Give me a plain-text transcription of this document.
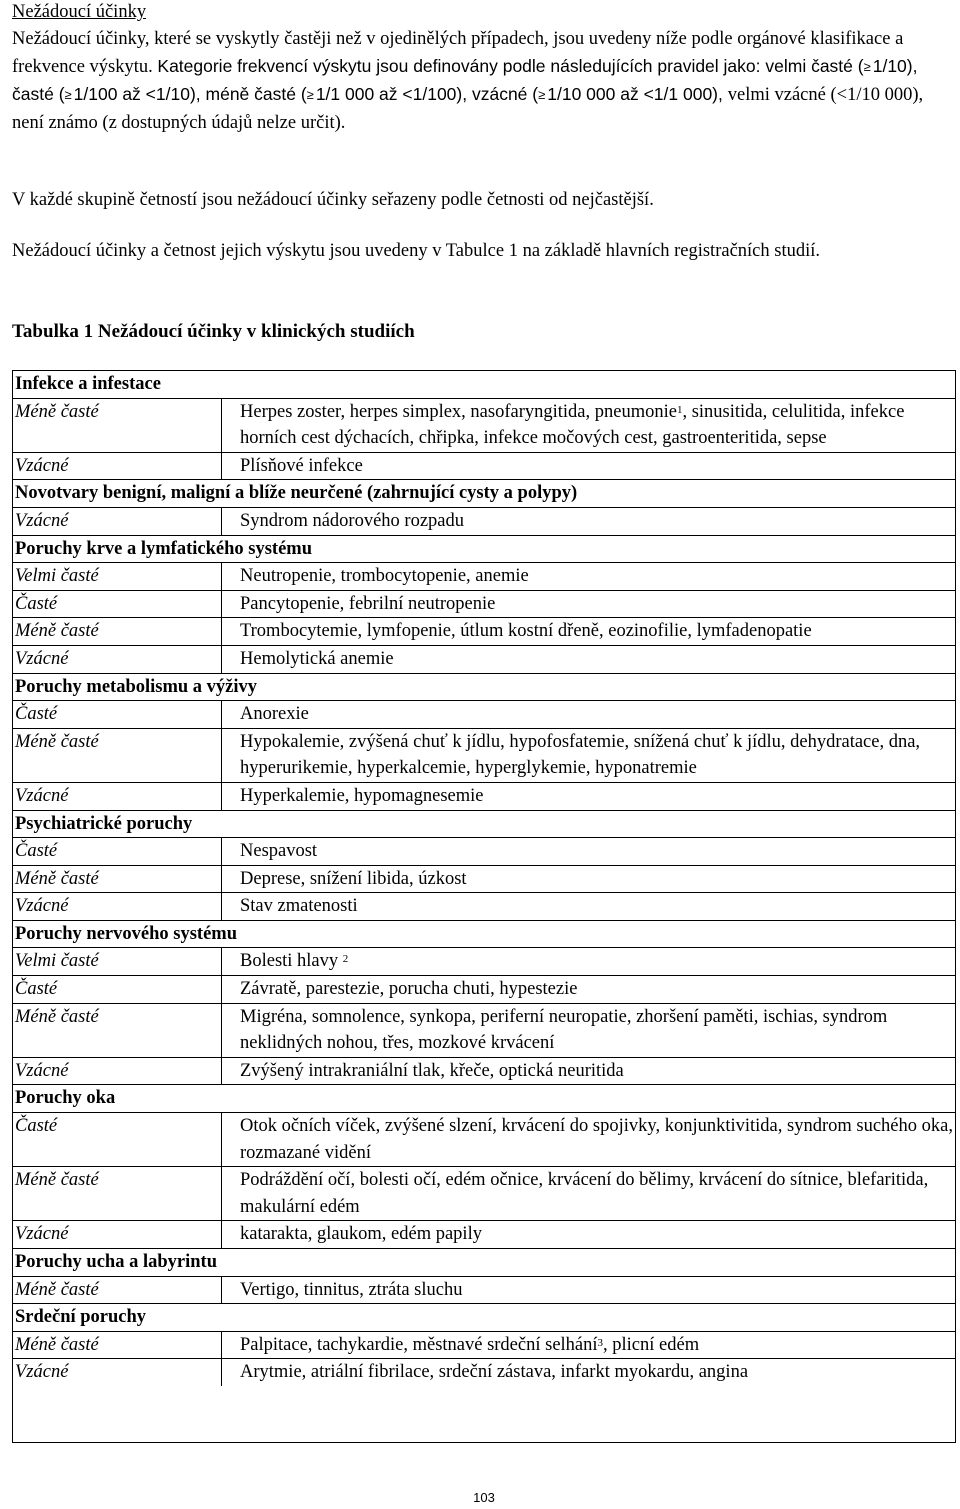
Nežádoucí účinky

Nežádoucí účinky, které se vyskytly častěji než v ojedinělých případech, jsou uvedeny níže podle orgánové klasifikace a frekvence výskytu. Kategorie frekvencí výskytu jsou definovány podle následujících pravidel jako: velmi časté (≥ 1/10), časté (≥ 1/100 až <1/10), méně časté (≥ 1/1 000 až <1/100), vzácné (≥ 1/10 000 až <1/1 000), velmi vzácné (<1/10 000), není známo (z dostupných údajů nelze určit).

V každé skupině četností jsou nežádoucí účinky seřazeny podle četnosti od nejčastější.

Nežádoucí účinky a četnost jejich výskytu jsou uvedeny v Tabulce 1 na základě hlavních registračních studií.

Tabulka 1 Nežádoucí účinky v klinických studiích
Infekce a infestace
Méně časté	Herpes zoster, herpes simplex, nasofaryngitida, pneumonie$^1$, sinusitida, celulitida, infekce horních cest dýchacích, chřipka, infekce močových cest, gastroenteritida, sepse
Vzácné	Plísňové infekce
Novotvary benigní, maligní a blíže neurčené (zahrnující cysty a polypy)
Vzácné	Syndrom nádorového rozpadu
Poruchy krve a lymfatického systému
Velmi časté	Neutropenie, trombocytopenie, anemie
Časté	Pancytopenie, febrilní neutropenie
Méně časté	Trombocytemie, lymfopenie, útlum kostní dřeně, eozinofilie, lymfadenopatie
Vzácné	Hemolytická anemie
Poruchy metabolismu a výživy
Časté	Anorexie
Méně časté	Hypokalemie, zvýšená chuť k jídlu, hypofosfatemie, snížená chuť k jídlu, dehydratace, dna, hyperurikemie, hyperkalcemie, hyperglykemie, hyponatremie
Vzácné	Hyperkalemie, hypomagnesemie
Psychiatrické poruchy
Časté	Nespavost
Méně časté	Deprese, snížení libida, úzkost
Vzácné	Stav zmatenosti
Poruchy nervového systému
Velmi časté	Bolesti hlavy $^2$
Časté	Závratě, parestezie, porucha chuti, hypestezie
Méně časté	Migréna, somnolence, synkopa, periferní neuropatie, zhoršení paměti, ischias, syndrom neklidných nohou, třes, mozkové krvácení
Vzácné	Zvýšený intrakraniální tlak, křeče, optická neuritida
Poruchy oka
Časté	Otok očních víček, zvýšené slzení, krvácení do spojivky, konjunktivitida, syndrom suchého oka, rozmazané vidění
Méně časté	Podráždění očí, bolesti očí, edém očnice, krvácení do bělimy, krvácení do sítnice, blefaritida, makulární edém
Vzácné	katarakta, glaukom, edém papily
Poruchy ucha a labyrintu
Méně časté	Vertigo, tinnitus, ztráta sluchu
Srdeční poruchy
Méně časté	Palpitace, tachykardie, městnavé srdeční selhání$^3$, plicní edém
Vzácné	Arytmie, atriální fibrilace, srdeční zástava, infarkt myokardu, angina
103
